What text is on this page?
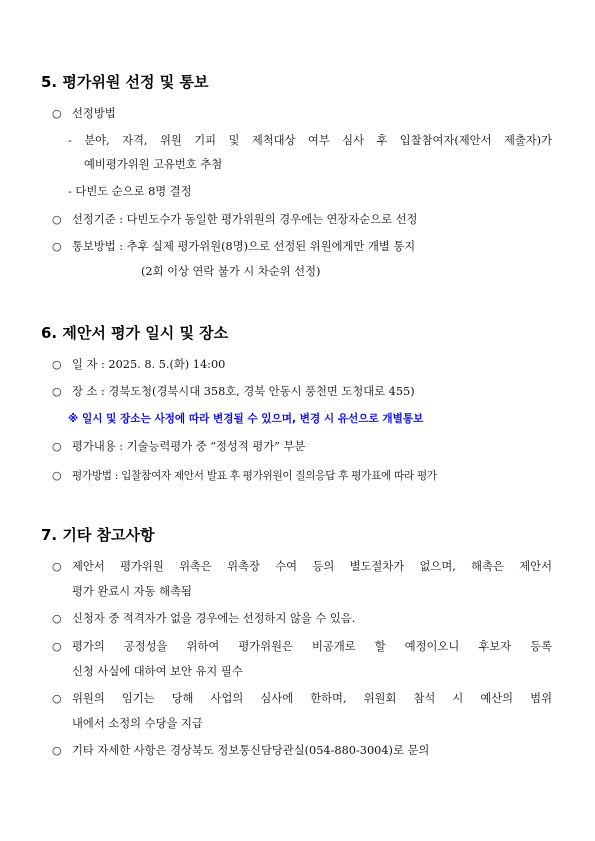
5. 평가위원 선정 및 통보
○ 선정방법
- 분야, 자격, 위원 기피 및 제척대상 여부 심사 후 입찰참여자(제안서 제출자)가
예비평가위원 고유번호 추첨
- 다빈도 순으로 8명 결정
○ 선정기준 : 다빈도수가 동일한 평가위원의 경우에는 연장자순으로 선정
○ 통보방법 : 추후 실제 평가위원(8명)으로 선정된 위원에게만 개별 통지
(2회 이상 연락 불가 시 차순위 선정)
6. 제안서 평가 일시 및 장소
○ 일 자 : 2025. 8. 5.(화) 14:00
○ 장 소 : 경북도청(경북시대 358호, 경북 안동시 풍천면 도청대로 455)
※ 일시 및 장소는 사정에 따라 변경될 수 있으며, 변경 시 유선으로 개별통보
○ 평가내용 : 기술능력평가 중 “정성적 평가” 부분
○ 평가방법 : 입찰참여자 제안서 발표 후 평가위원이 질의응답 후 평가표에 따라 평가
7. 기타 참고사항
○ 제안서 평가위원 위촉은 위촉장 수여 등의 별도절차가 없으며, 해촉은 제안서
평가 완료시 자동 해촉됨
○ 신청자 중 적격자가 없을 경우에는 선정하지 않을 수 있음.
○ 평가의 공정성을 위하여 평가위원은 비공개로 할 예정이오니 후보자 등록
신청 사실에 대하여 보안 유지 필수
○ 위원의 임기는 당해 사업의 심사에 한하며, 위원회 참석 시 예산의 범위
내에서 소정의 수당을 지급
○ 기타 자세한 사항은 경상북도 정보통신담당관실(054-880-3004)로 문의
